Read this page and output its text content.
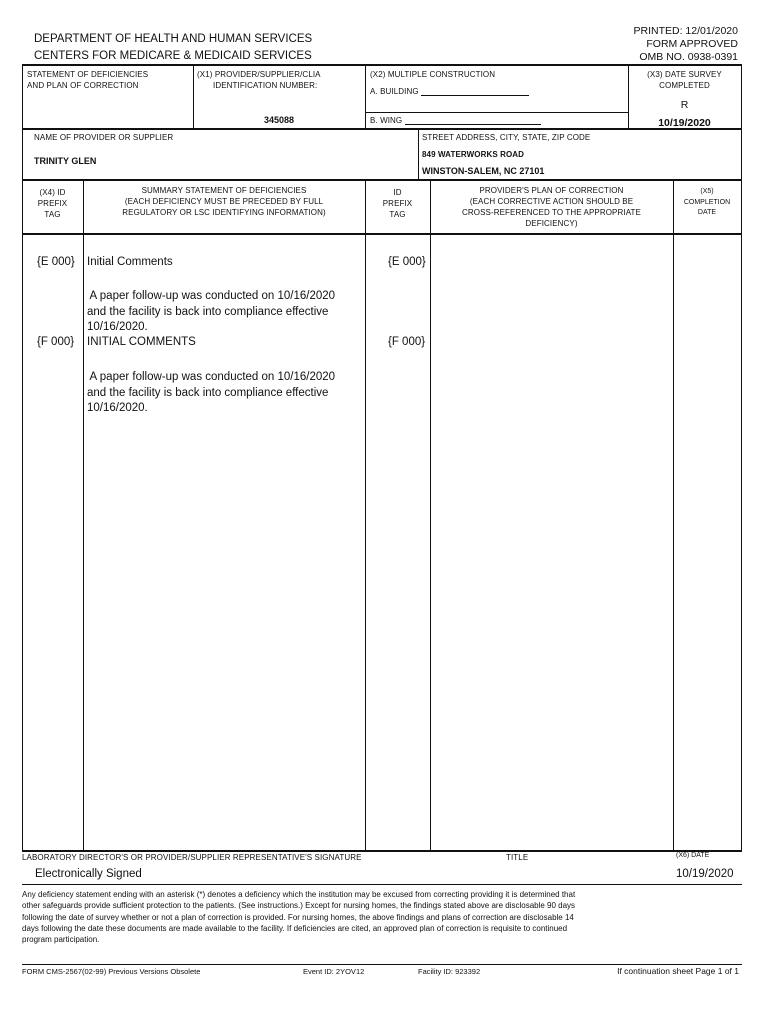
DEPARTMENT OF HEALTH AND HUMAN SERVICES
CENTERS FOR MEDICARE & MEDICAID SERVICES
PRINTED: 12/01/2020
FORM APPROVED
OMB NO. 0938-0391
STATEMENT OF DEFICIENCIES
AND PLAN OF CORRECTION
(X1) PROVIDER/SUPPLIER/CLIA
IDENTIFICATION NUMBER:
345088
(X2) MULTIPLE CONSTRUCTION
A. BUILDING
B. WING
(X3) DATE SURVEY
COMPLETED
R
10/19/2020
NAME OF PROVIDER OR SUPPLIER
TRINITY GLEN
STREET ADDRESS, CITY, STATE, ZIP CODE
849 WATERWORKS ROAD
WINSTON-SALEM, NC 27101
(X4) ID
PREFIX
TAG
SUMMARY STATEMENT OF DEFICIENCIES
(EACH DEFICIENCY MUST BE PRECEDED BY FULL
REGULATORY OR LSC IDENTIFYING INFORMATION)
ID
PREFIX
TAG
PROVIDER'S PLAN OF CORRECTION
(EACH CORRECTIVE ACTION SHOULD BE
CROSS-REFERENCED TO THE APPROPRIATE
DEFICIENCY)
(X5)
COMPLETION
DATE
{E 000} Initial Comments	{E 000}
A paper follow-up was conducted on 10/16/2020
and the facility is back into compliance effective
10/16/2020.
{F 000} INITIAL COMMENTS	{F 000}
A paper follow-up was conducted on 10/16/2020
and the facility is back into compliance effective
10/16/2020.
LABORATORY DIRECTOR'S OR PROVIDER/SUPPLIER REPRESENTATIVE'S SIGNATURE	TITLE	(X6) DATE
Electronically Signed	10/19/2020
Any deficiency statement ending with an asterisk (*) denotes a deficiency which the institution may be excused from correcting providing it is determined that
other safeguards provide sufficient protection to the patients. (See instructions.) Except for nursing homes, the findings stated above are disclosable 90 days
following the date of survey whether or not a plan of correction is provided. For nursing homes, the above findings and plans of correction are disclosable 14
days following the date these documents are made available to the facility. If deficiencies are cited, an approved plan of correction is requisite to continued
program participation.
FORM CMS-2567(02-99) Previous Versions Obsolete	Event ID: 2YOV12	Facility ID: 923392	If continuation sheet Page 1 of 1
